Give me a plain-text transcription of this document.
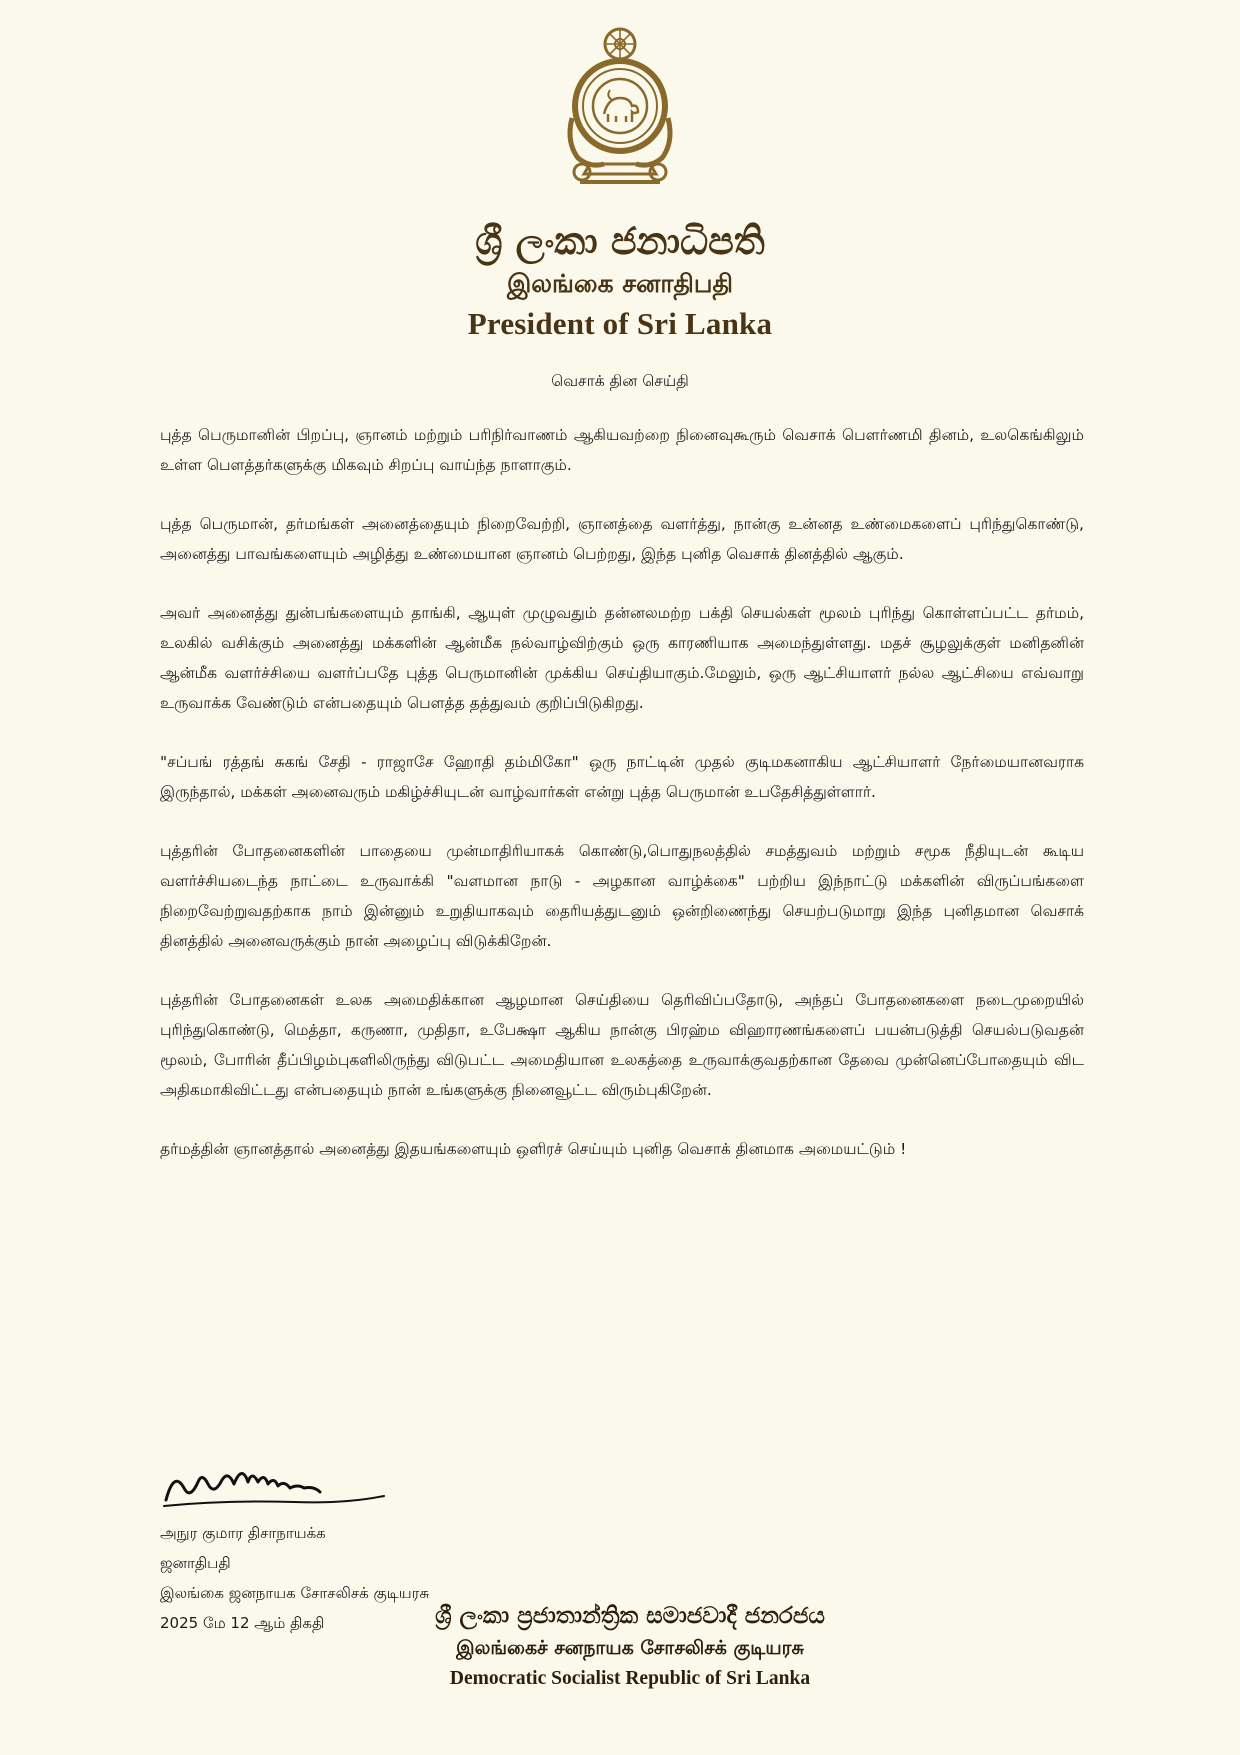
ශ්‍රී ලංකා ජනාධිපති
இலங்கை சனாதிபதி
President of Sri Lanka
வெசாக் தின செய்தி

புத்த பெருமானின் பிறப்பு, ஞானம் மற்றும் பரிநிர்வாணம் ஆகியவற்றை நினைவுகூரும் வெசாக் பௌர்ணமி தினம், உலகெங்கிலும் உள்ள பௌத்தர்களுக்கு மிகவும் சிறப்பு வாய்ந்த நாளாகும்.

புத்த பெருமான், தர்மங்கள் அனைத்தையும் நிறைவேற்றி, ஞானத்தை வளர்த்து, நான்கு உன்னத உண்மைகளைப் புரிந்துகொண்டு, அனைத்து பாவங்களையும் அழித்து உண்மையான ஞானம் பெற்றது, இந்த புனித வெசாக் தினத்தில் ஆகும்.

அவர் அனைத்து துன்பங்களையும் தாங்கி, ஆயுள் முழுவதும் தன்னலமற்ற பக்தி செயல்கள் மூலம் புரிந்து கொள்ளப்பட்ட தர்மம், உலகில் வசிக்கும் அனைத்து மக்களின் ஆன்மீக நல்வாழ்விற்கும் ஒரு காரணியாக அமைந்துள்ளது. மதச் சூழலுக்குள் மனிதனின் ஆன்மீக வளர்ச்சியை வளர்ப்பதே புத்த பெருமானின் முக்கிய செய்தியாகும்.மேலும், ஒரு ஆட்சியாளர் நல்ல ஆட்சியை எவ்வாறு உருவாக்க வேண்டும் என்பதையும் பௌத்த தத்துவம் குறிப்பிடுகிறது.

"சப்பங் ரத்தங் சுகங் சேதி - ராஜாசே ஹோதி தம்மிகோ" ஒரு நாட்டின் முதல் குடிமகனாகிய ஆட்சியாளர் நேர்மையானவராக இருந்தால், மக்கள் அனைவரும் மகிழ்ச்சியுடன் வாழ்வார்கள் என்று புத்த பெருமான் உபதேசித்துள்ளார்.

புத்தரின் போதனைகளின் பாதையை முன்மாதிரியாகக் கொண்டு,பொதுநலத்தில் சமத்துவம் மற்றும் சமூக நீதியுடன் கூடிய வளர்ச்சியடைந்த நாட்டை உருவாக்கி "வளமான நாடு - அழகான வாழ்க்கை" பற்றிய இந்நாட்டு மக்களின் விருப்பங்களை நிறைவேற்றுவதற்காக நாம் இன்னும் உறுதியாகவும் தைரியத்துடனும் ஒன்றிணைந்து செயற்படுமாறு இந்த புனிதமான வெசாக் தினத்தில் அனைவருக்கும் நான் அழைப்பு விடுக்கிறேன்.

புத்தரின் போதனைகள் உலக அமைதிக்கான ஆழமான செய்தியை தெரிவிப்பதோடு, அந்தப் போதனைகளை நடைமுறையில் புரிந்துகொண்டு, மெத்தா, கருணா, முதிதா, உபேக்ஷா ஆகிய நான்கு பிரஹ்ம விஹாரணங்களைப் பயன்படுத்தி செயல்படுவதன் மூலம், போரின் தீப்பிழம்புகளிலிருந்து விடுபட்ட அமைதியான உலகத்தை உருவாக்குவதற்கான தேவை முன்னெப்போதையும் விட அதிகமாகிவிட்டது என்பதையும் நான் உங்களுக்கு நினைவூட்ட விரும்புகிறேன்.

தர்மத்தின் ஞானத்தால் அனைத்து இதயங்களையும் ஒளிரச் செய்யும் புனித வெசாக் தினமாக அமையட்டும் !

அநுர குமார திசாநாயக்க
ஜனாதிபதி
இலங்கை ஜனநாயக சோசலிசக் குடியரசு
2025 மே 12 ஆம் திகதி	ශ්‍රී ලංකා ප්‍රජාතාන්ත්‍රික සමාජවාදී ජනරජය
இலங்கைச் சனநாயக சோசலிசக் குடியரசு
Democratic Socialist Republic of Sri Lanka
